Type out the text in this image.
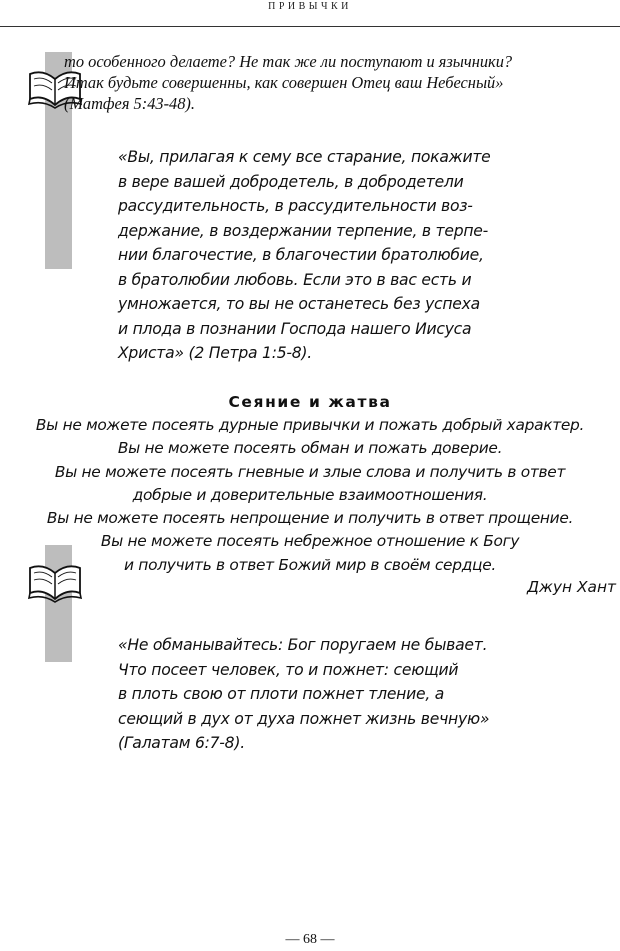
ПРИВЫЧКИ
то особенного делаете? Не так же ли поступают и язычники?
Итак будьте совершенны, как совершен Отец ваш Небесный»
(Матфея 5:43-48).
«Вы, прилагая к сему все старание, покажите
в вере вашей добродетель, в добродетели
рассудительность, в рассудительности воз-
держание, в воздержании терпение, в терпе-
нии благочестие, в благочестии братолюбие,
в братолюбии любовь. Если это в вас есть и
умножается, то вы не останетесь без успеха
и плода в познании Господа нашего Иисуса
Христа» (2 Петра 1:5-8).
Сеяние и жатва
Вы не можете посеять дурные привычки и пожать добрый характер.
Вы не можете посеять обман и пожать доверие.
Вы не можете посеять гневные и злые слова и получить в ответ
добрые и доверительные взаимоотношения.
Вы не можете посеять непрощение и получить в ответ прощение.
Вы не можете посеять небрежное отношение к Богу
и получить в ответ Божий мир в своём сердце.
Джун Хант
«Не обманывайтесь: Бог поругаем не бывает.
Что посеет человек, то и пожнет: сеющий
в плоть свою от плоти пожнет тление, а
сеющий в дух от духа пожнет жизнь вечную»
(Галатам 6:7-8).
— 68 —
